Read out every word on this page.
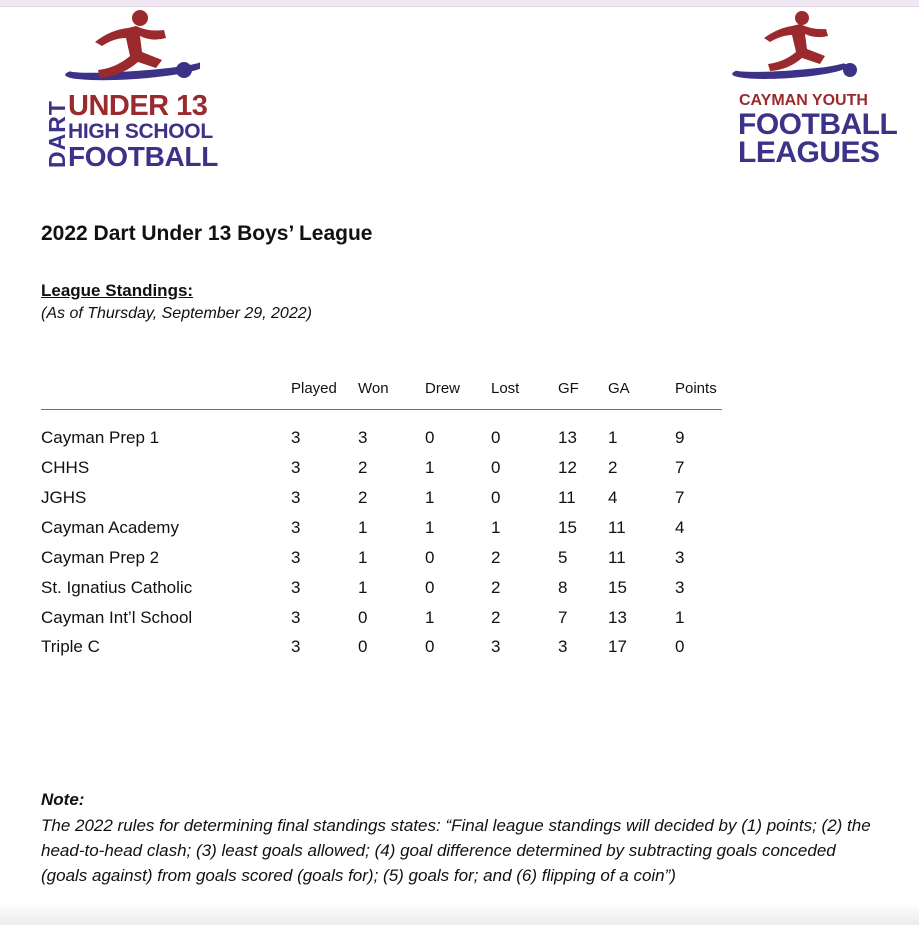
DART
UNDER 13
HIGH SCHOOL
FOOTBALL
CAYMAN YOUTH
FOOTBALL
LEAGUES
2022 Dart Under 13 Boys’ League
League Standings:
(As of Thursday, September 29, 2022)
Played Won Drew Lost	GF GA	Points
Cayman Prep 1	3	3	0	0	13 1	9
CHHS	3	2	1	0	12 2	7
JGHS	3	2	1	0	11 4	7
Cayman Academy	3	1	1	1	15 11	4
Cayman Prep 2	3	1	0	2	5 11	3
St. Ignatius Catholic	3	1	0	2	8 15	3
Cayman Int’l School	3	0	1	2	7 13	1
Triple C	3	0	0	3	3 17	0
Note:
The 2022 rules for determining final standings states: “Final league standings will decided by (1) points; (2) the head-to-head clash; (3) least goals allowed; (4) goal difference determined by subtracting goals conceded (goals against) from goals scored (goals for); (5) goals for; and (6) flipping of a coin”)
